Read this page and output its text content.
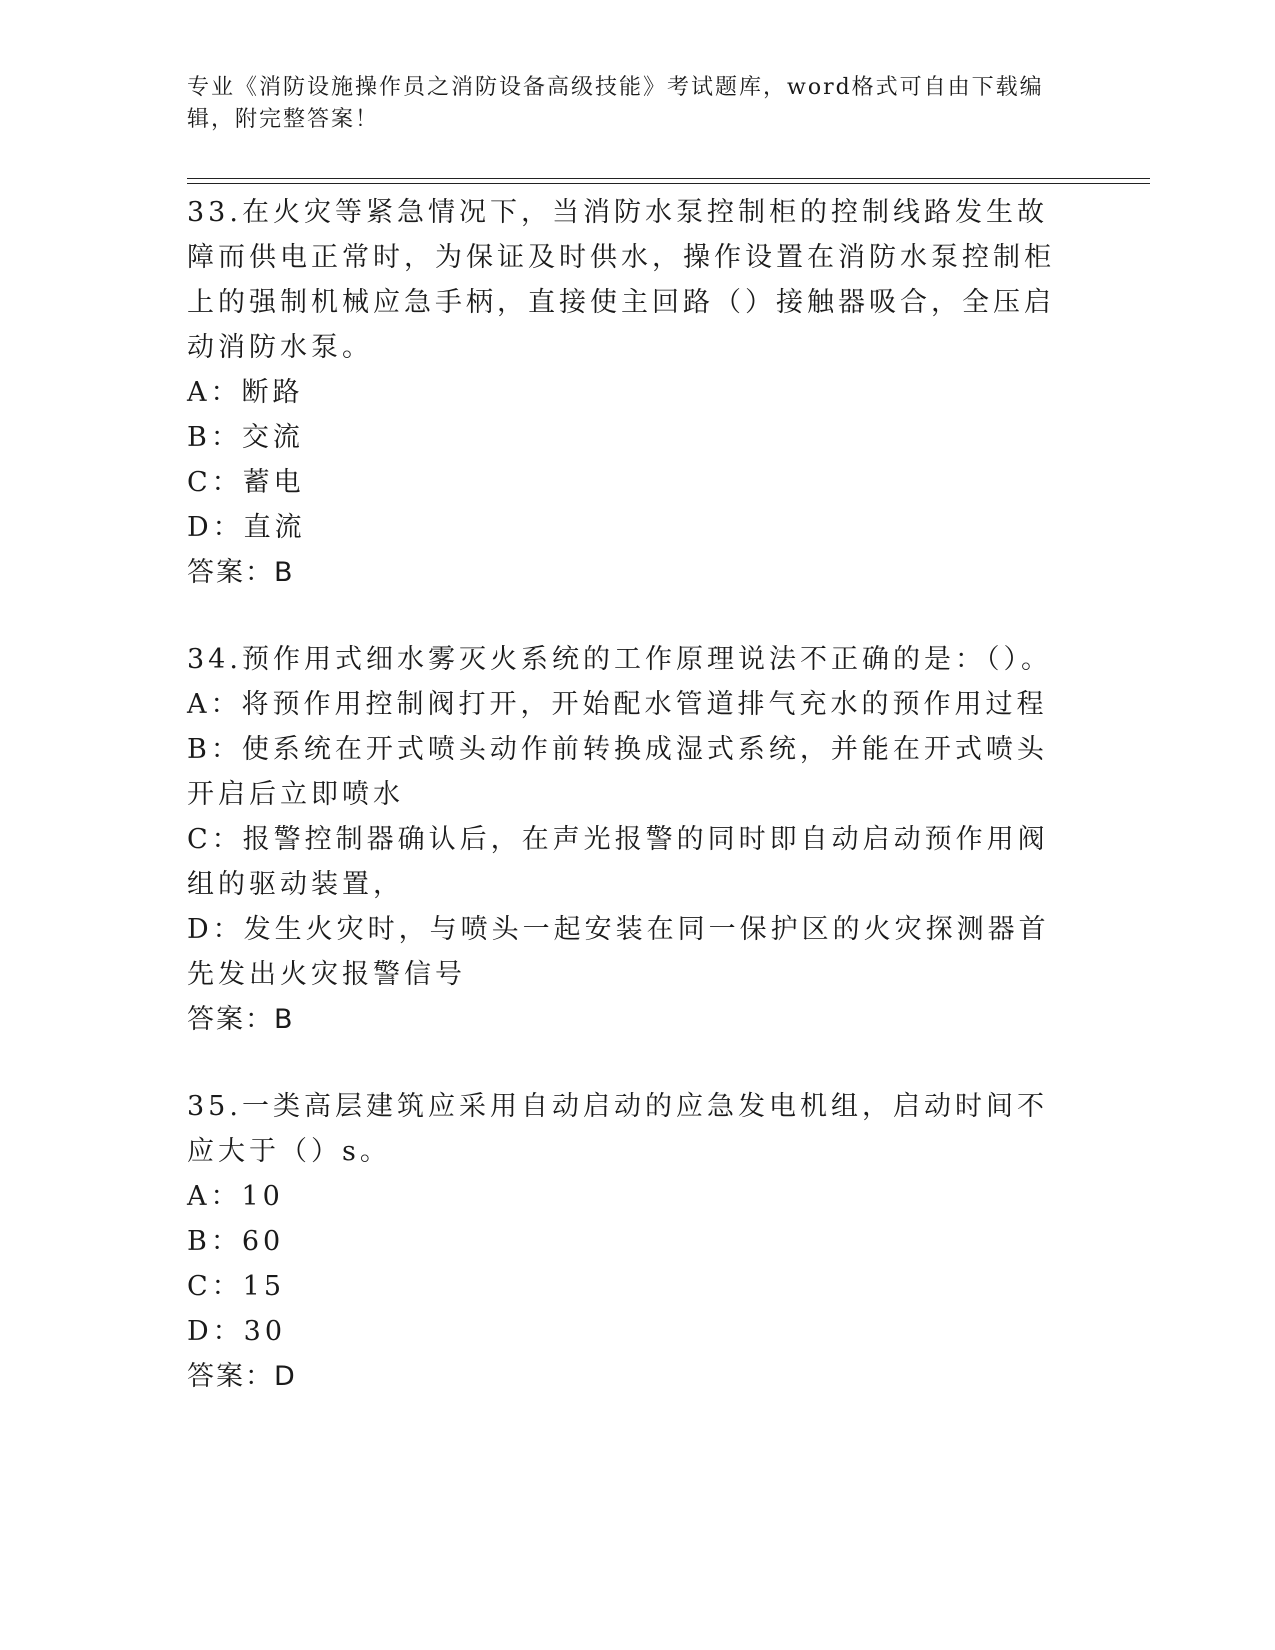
专业《消防设施操作员之消防设备高级技能》考试题库，word格式可自由下载编辑，附完整答案！
33.在火灾等紧急情况下，当消防水泵控制柜的控制线路发生故障而供电正常时，为保证及时供水，操作设置在消防水泵控制柜上的强制机械应急手柄，直接使主回路（）接触器吸合，全压启动消防水泵。
A：断路
B：交流
C：蓄电
D：直流
答案：B
34.预作用式细水雾灭火系统的工作原理说法不正确的是：（）。
A：将预作用控制阀打开，开始配水管道排气充水的预作用过程
B：使系统在开式喷头动作前转换成湿式系统，并能在开式喷头开启后立即喷水
C：报警控制器确认后，在声光报警的同时即自动启动预作用阀组的驱动装置，
D：发生火灾时，与喷头一起安装在同一保护区的火灾探测器首先发出火灾报警信号
答案：B
35.一类高层建筑应采用自动启动的应急发电机组，启动时间不应大于（）s。
A：10
B：60
C：15
D：30
答案：D
